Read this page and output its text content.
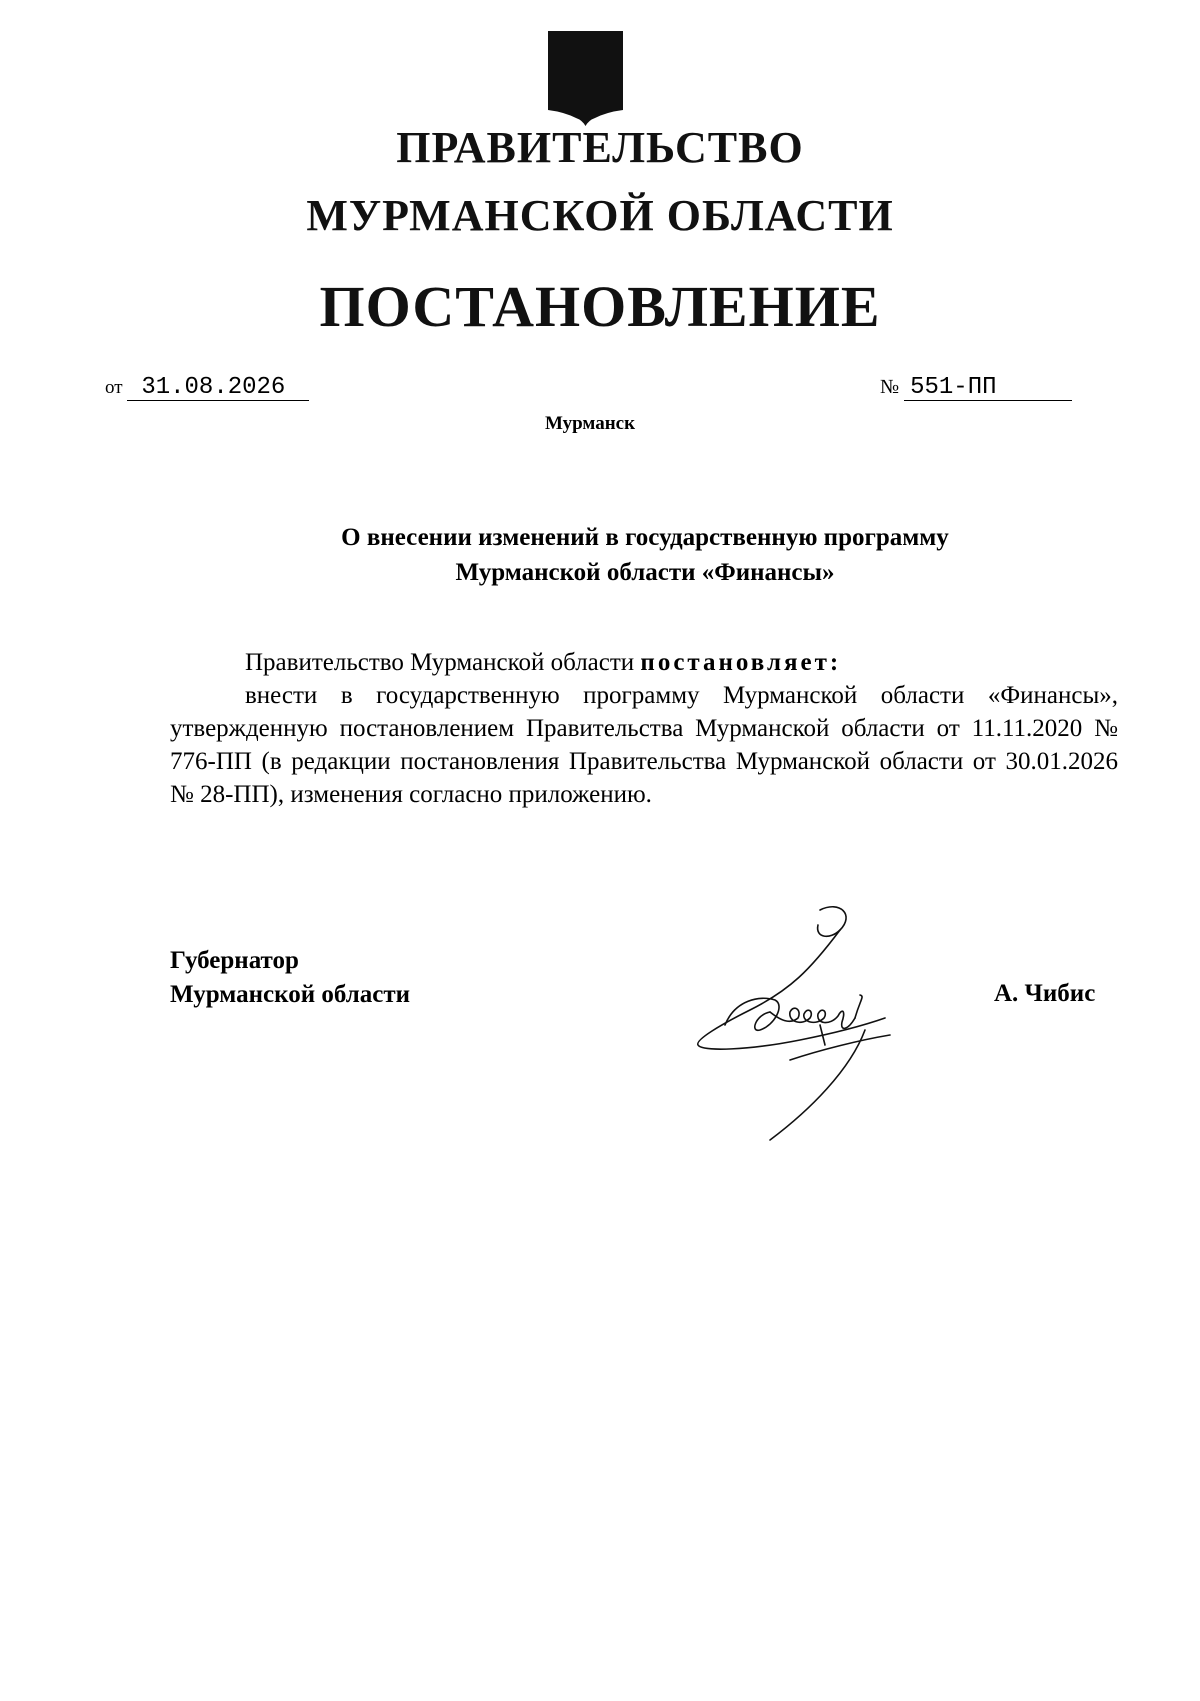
ПРАВИТЕЛЬСТВО
МУРМАНСКОЙ ОБЛАСТИ
ПОСТАНОВЛЕНИЕ
от 31.08.2026	№ 551-ПП
Мурманск
О внесении изменений в государственную программу
Мурманской области «Финансы»

Правительство Мурманской области постановляет:

внести в государственную программу Мурманской области «Финансы», утвержденную постановлением Правительства Мурманской области от 11.11.2020 № 776-ПП (в редакции постановления Правительства Мурманской области от 30.01.2026 № 28-ПП), изменения согласно приложению.

Губернатор
Мурманской области	А. Чибис
